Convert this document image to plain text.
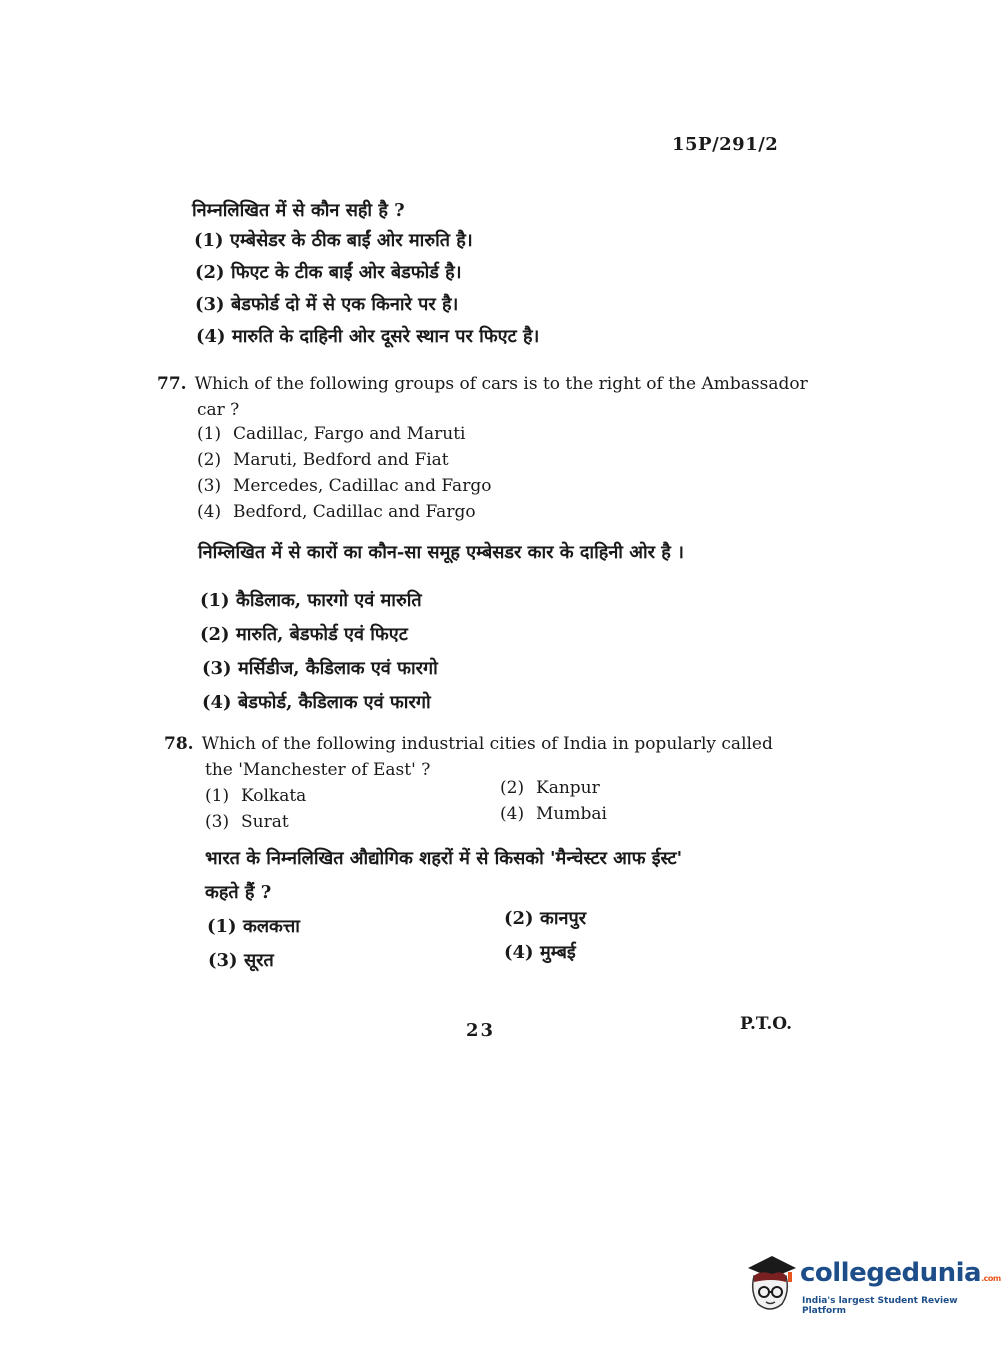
15P/291/2
निम्नलिखित में से कौन सही है ?
(1) एम्बेसेडर के ठीक बाईं ओर मारुति है।
(2) फिएट के टीक बाईं ओर बेडफोर्ड है।
(3) बेडफोर्ड दो में से एक किनारे पर है।
(4) मारुति के दाहिनी ओर दूसरे स्थान पर फिएट है।
77. Which of the following groups of cars is to the right of the Ambassador
car ?
(1) Cadillac, Fargo and Maruti
(2) Maruti, Bedford and Fiat
(3) Mercedes, Cadillac and Fargo
(4) Bedford, Cadillac and Fargo
निम्लिखित में से कारों का कौन-सा समूह एम्बेसडर कार के दाहिनी ओर है ।
(1) कैडिलाक, फारगो एवं मारुति
(2) मारुति, बेडफोर्ड एवं फिएट
(3) मर्सिडीज, कैडिलाक एवं फारगो
(4) बेडफोर्ड, कैडिलाक एवं फारगो
78. Which of the following industrial cities of India in popularly called
the 'Manchester of East' ?
(1) Kolkata	(2) Kanpur
(3) Surat	(4) Mumbai
भारत के निम्नलिखित औद्योगिक शहरों में से किसको 'मैन्चेस्टर आफ ईस्ट'
कहते हैं ?
(1) कलकत्ता	(2) कानपुर
(3) सूरत	(4) मुम्बई
23	P.T.O.
collegedunia.com
India's largest Student Review Platform
